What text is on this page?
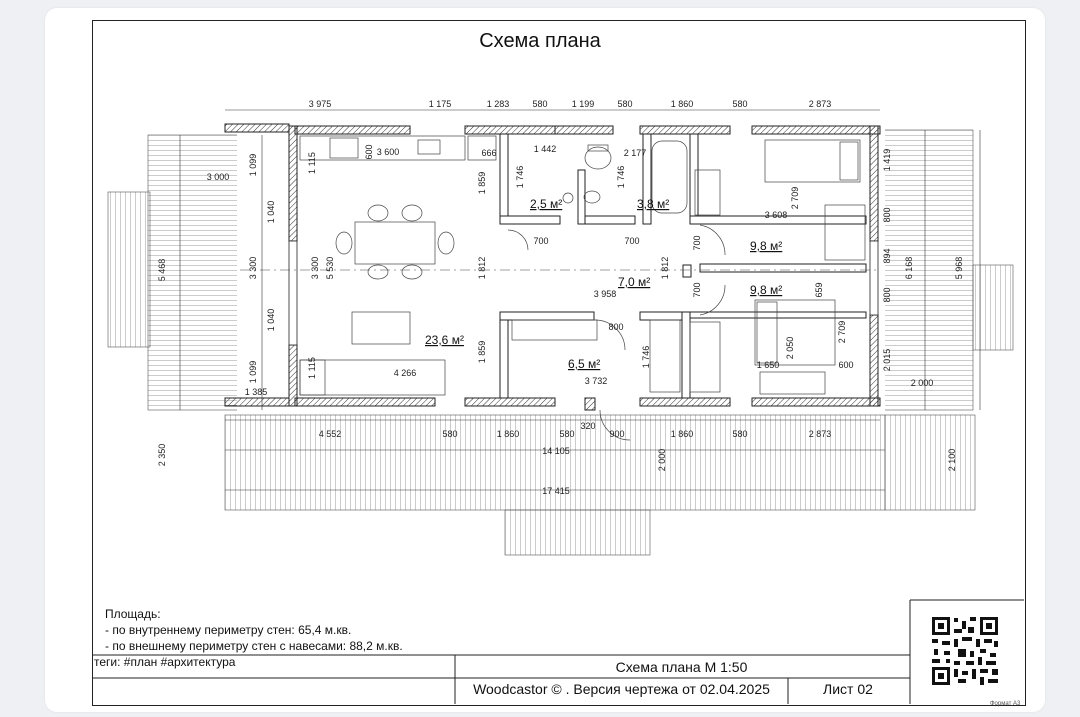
Схема плана
3 975	1 175	1 283	580	1 199	580	1 860	580	2 873
4 552	580	1 860	580
320
900	1 860	580	2 873
14 105
17 415
1 099
1 040
3 300
1 040
1 099
1 385
5 468
3 000
2 350
3 300
1 419
800
894
800
2 015
6 168	5 968
2 000
2 100
1 115
3 600
600	666	1 442	2 177
1 746	1 746
1 859
5 530	1 812	1 812
700	700	700
700
3 958
3 608
2 709
800
659
2 050
2 709
1 650	600
1 115	4 266
1 859
3 732
1 746
2 000
23,6 м²
2,5 м²	3,8 м²
7,0 м²
9,8 м²
9,8 м²
6,5 м²
Площадь:
- по внутреннему периметру стен: 65,4 м.кв.
- по внешнему периметру стен с навесами: 88,2 м.кв.
теги: #план #архитектура	Схема плана М 1:50
Woodcastor © . Версия чертежа от 02.04.2025	Лист 02
Формат А3
